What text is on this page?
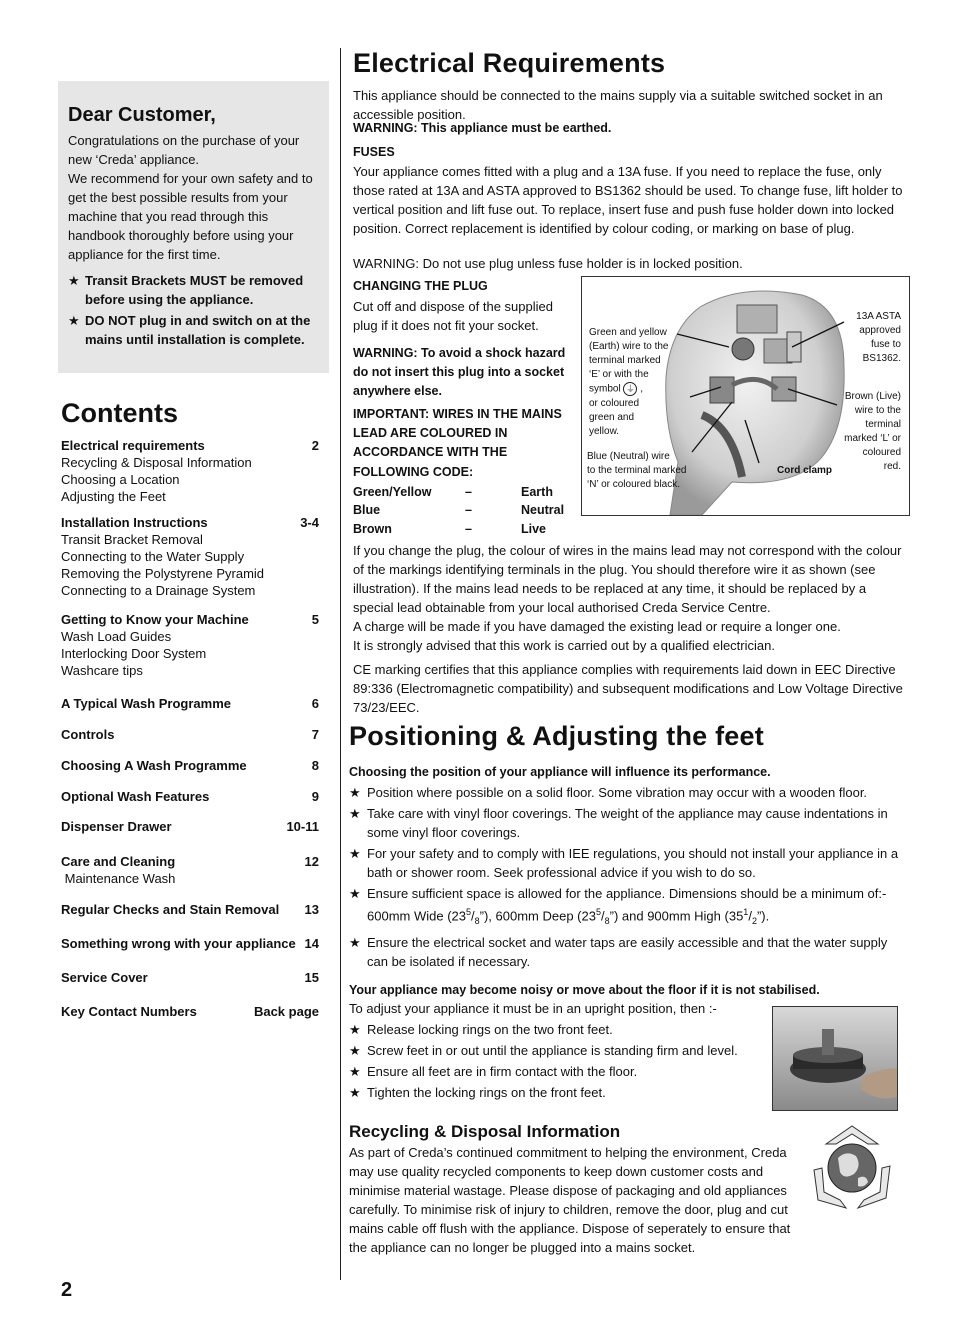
Dear Customer,
Congratulations on the purchase of your new ‘Creda’ appliance.
We recommend for your own safety and to get the best possible results from your machine that you read through this handbook thoroughly before using your appliance for the first time.
★ Transit Brackets MUST be removed before using the appliance.
★ DO NOT plug in and switch on at the mains until installation is complete.
Contents
Electrical requirements	2
Recycling & Disposal Information
Choosing a Location
Adjusting the Feet
Installation Instructions	3-4
Transit Bracket Removal
Connecting to the Water Supply
Removing the Polystyrene Pyramid
Connecting to a Drainage System
Getting to Know your Machine	5
Wash Load Guides
Interlocking Door System
Washcare tips
A Typical Wash Programme	6
Controls	7
Choosing A Wash Programme	8
Optional Wash Features	9
Dispenser Drawer	10-11
Care and Cleaning	12
Maintenance Wash
Regular Checks and Stain Removal 13
Something wrong with your appliance 14
Service Cover	15
Key Contact Numbers	Back page
Electrical Requirements
This appliance should be connected to the mains supply via a suitable switched socket in an accessible position.
WARNING: This appliance must be earthed.
FUSES
Your appliance comes fitted with a plug and a 13A fuse. If you need to replace the fuse, only those rated at 13A and ASTA approved to BS1362 should be used. To change fuse, lift holder to vertical position and lift fuse out. To replace, insert fuse and push fuse holder down into locked position. Correct replacement is identified by colour coding, or marking on base of plug.
WARNING: Do not use plug unless fuse holder is in locked position.
CHANGING THE PLUG
Cut off and dispose of the supplied plug if it does not fit your socket.
WARNING: To avoid a shock hazard do not insert this plug into a socket anywhere else.
IMPORTANT: WIRES IN THE MAINS LEAD ARE COLOURED IN ACCORDANCE WITH THE
FOLLOWING CODE:
Green/Yellow	–	Earth
Blue	–	Neutral
Brown	–	Live
Green and yellow
(Earth) wire to the
terminal marked
‘E’ or with the
symbol ⏚ ,
or coloured
green and
yellow.
Blue (Neutral) wire
to the terminal marked
‘N’ or coloured black.
13A ASTA
approved
fuse to
BS1362.
Brown (Live)
wire to the
terminal
marked ‘L’ or
coloured
red.
Cord clamp
If you change the plug, the colour of wires in the mains lead may not correspond with the colour of the markings identifying terminals in the plug. You should therefore wire it as shown (see illustration). If the mains lead needs to be replaced at any time, it should be replaced by a special lead obtainable from your local authorised Creda Service Centre.
A charge will be made if you have damaged the existing lead or require a longer one.
It is strongly advised that this work is carried out by a qualified electrician.
CE marking certifies that this appliance complies with requirements laid down in EEC Directive 89:336 (Electromagnetic compatibility) and subsequent modifications and Low Voltage Directive 73/23/EEC.
Positioning & Adjusting the feet
Choosing the position of your appliance will influence its performance.
★ Position where possible on a solid floor. Some vibration may occur with a wooden floor.
★ Take care with vinyl floor coverings. The weight of the appliance may cause indentations in some vinyl floor coverings.
★ For your safety and to comply with IEE regulations, you should not install your appliance in a bath or shower room. Seek professional advice if you wish to do so.
★ Ensure sufficient space is allowed for the appliance. Dimensions should be a minimum of:-
600mm Wide $(23^5/_8”)$, 600mm Deep $(23^5/_8”)$ and 900mm High $(35^1/_2”)$.
★ Ensure the electrical socket and water taps are easily accessible and that the water supply can be isolated if necessary.
Your appliance may become noisy or move about the floor if it is not stabilised.
To adjust your appliance it must be in an upright position, then :-
★ Release locking rings on the two front feet.
★ Screw feet in or out until the appliance is standing firm and level.
★ Ensure all feet are in firm contact with the floor.
★ Tighten the locking rings on the front feet.
Recycling & Disposal Information
As part of Creda’s continued commitment to helping the environment, Creda may use quality recycled components to keep down customer costs and minimise material wastage. Please dispose of packaging and old appliances carefully. To minimise risk of injury to children, remove the door, plug and cut mains cable off flush with the appliance. Dispose of seperately to ensure that the appliance can no longer be plugged into a mains socket.
2
